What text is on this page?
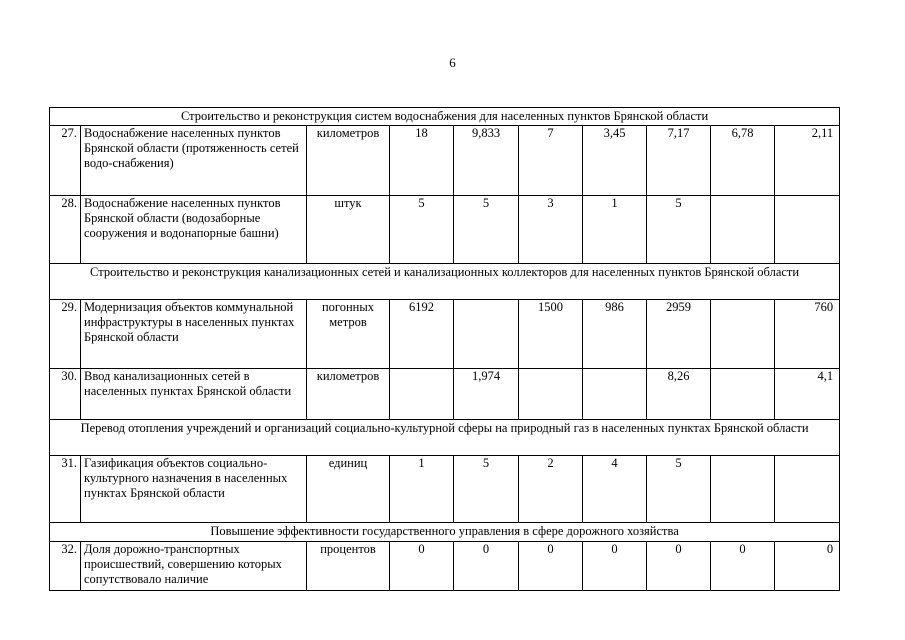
6
Строительство и реконструкция систем водоснабжения для населенных пунктов Брянской области									
27.	Водоснабжение населенных пунктов Брянской области (протяженность сетей водо-снабжения)	километров	18	9,833	7	3,45	7,17	6,78	2,11
28.	Водоснабжение населенных пунктов Брянской области (водозаборные сооружения и водонапорные башни)	штук	5	5	3	1	5		
Строительство и реконструкция канализационных сетей и канализационных коллекторов для населенных пунктов Брянской области									
29.	Модернизация объектов коммунальной инфраструктуры в населенных пунктах Брянской области	погонных метров	6192		1500	986	2959		760
30.	Ввод канализационных сетей в населенных пунктах Брянской области	километров		1,974			8,26		4,1
Перевод отопления учреждений и организаций социально-культурной сферы на природный газ в населенных пунктах Брянской области									
31.	Газификация объектов социально-культурного назначения в населенных пунктах Брянской области	единиц	1	5	2	4	5		
Повышение эффективности государственного управления в сфере дорожного хозяйства									
32.	Доля дорожно-транспортных происшествий, совершению которых сопутствовало наличие	процентов	0	0	0	0	0	0	0
